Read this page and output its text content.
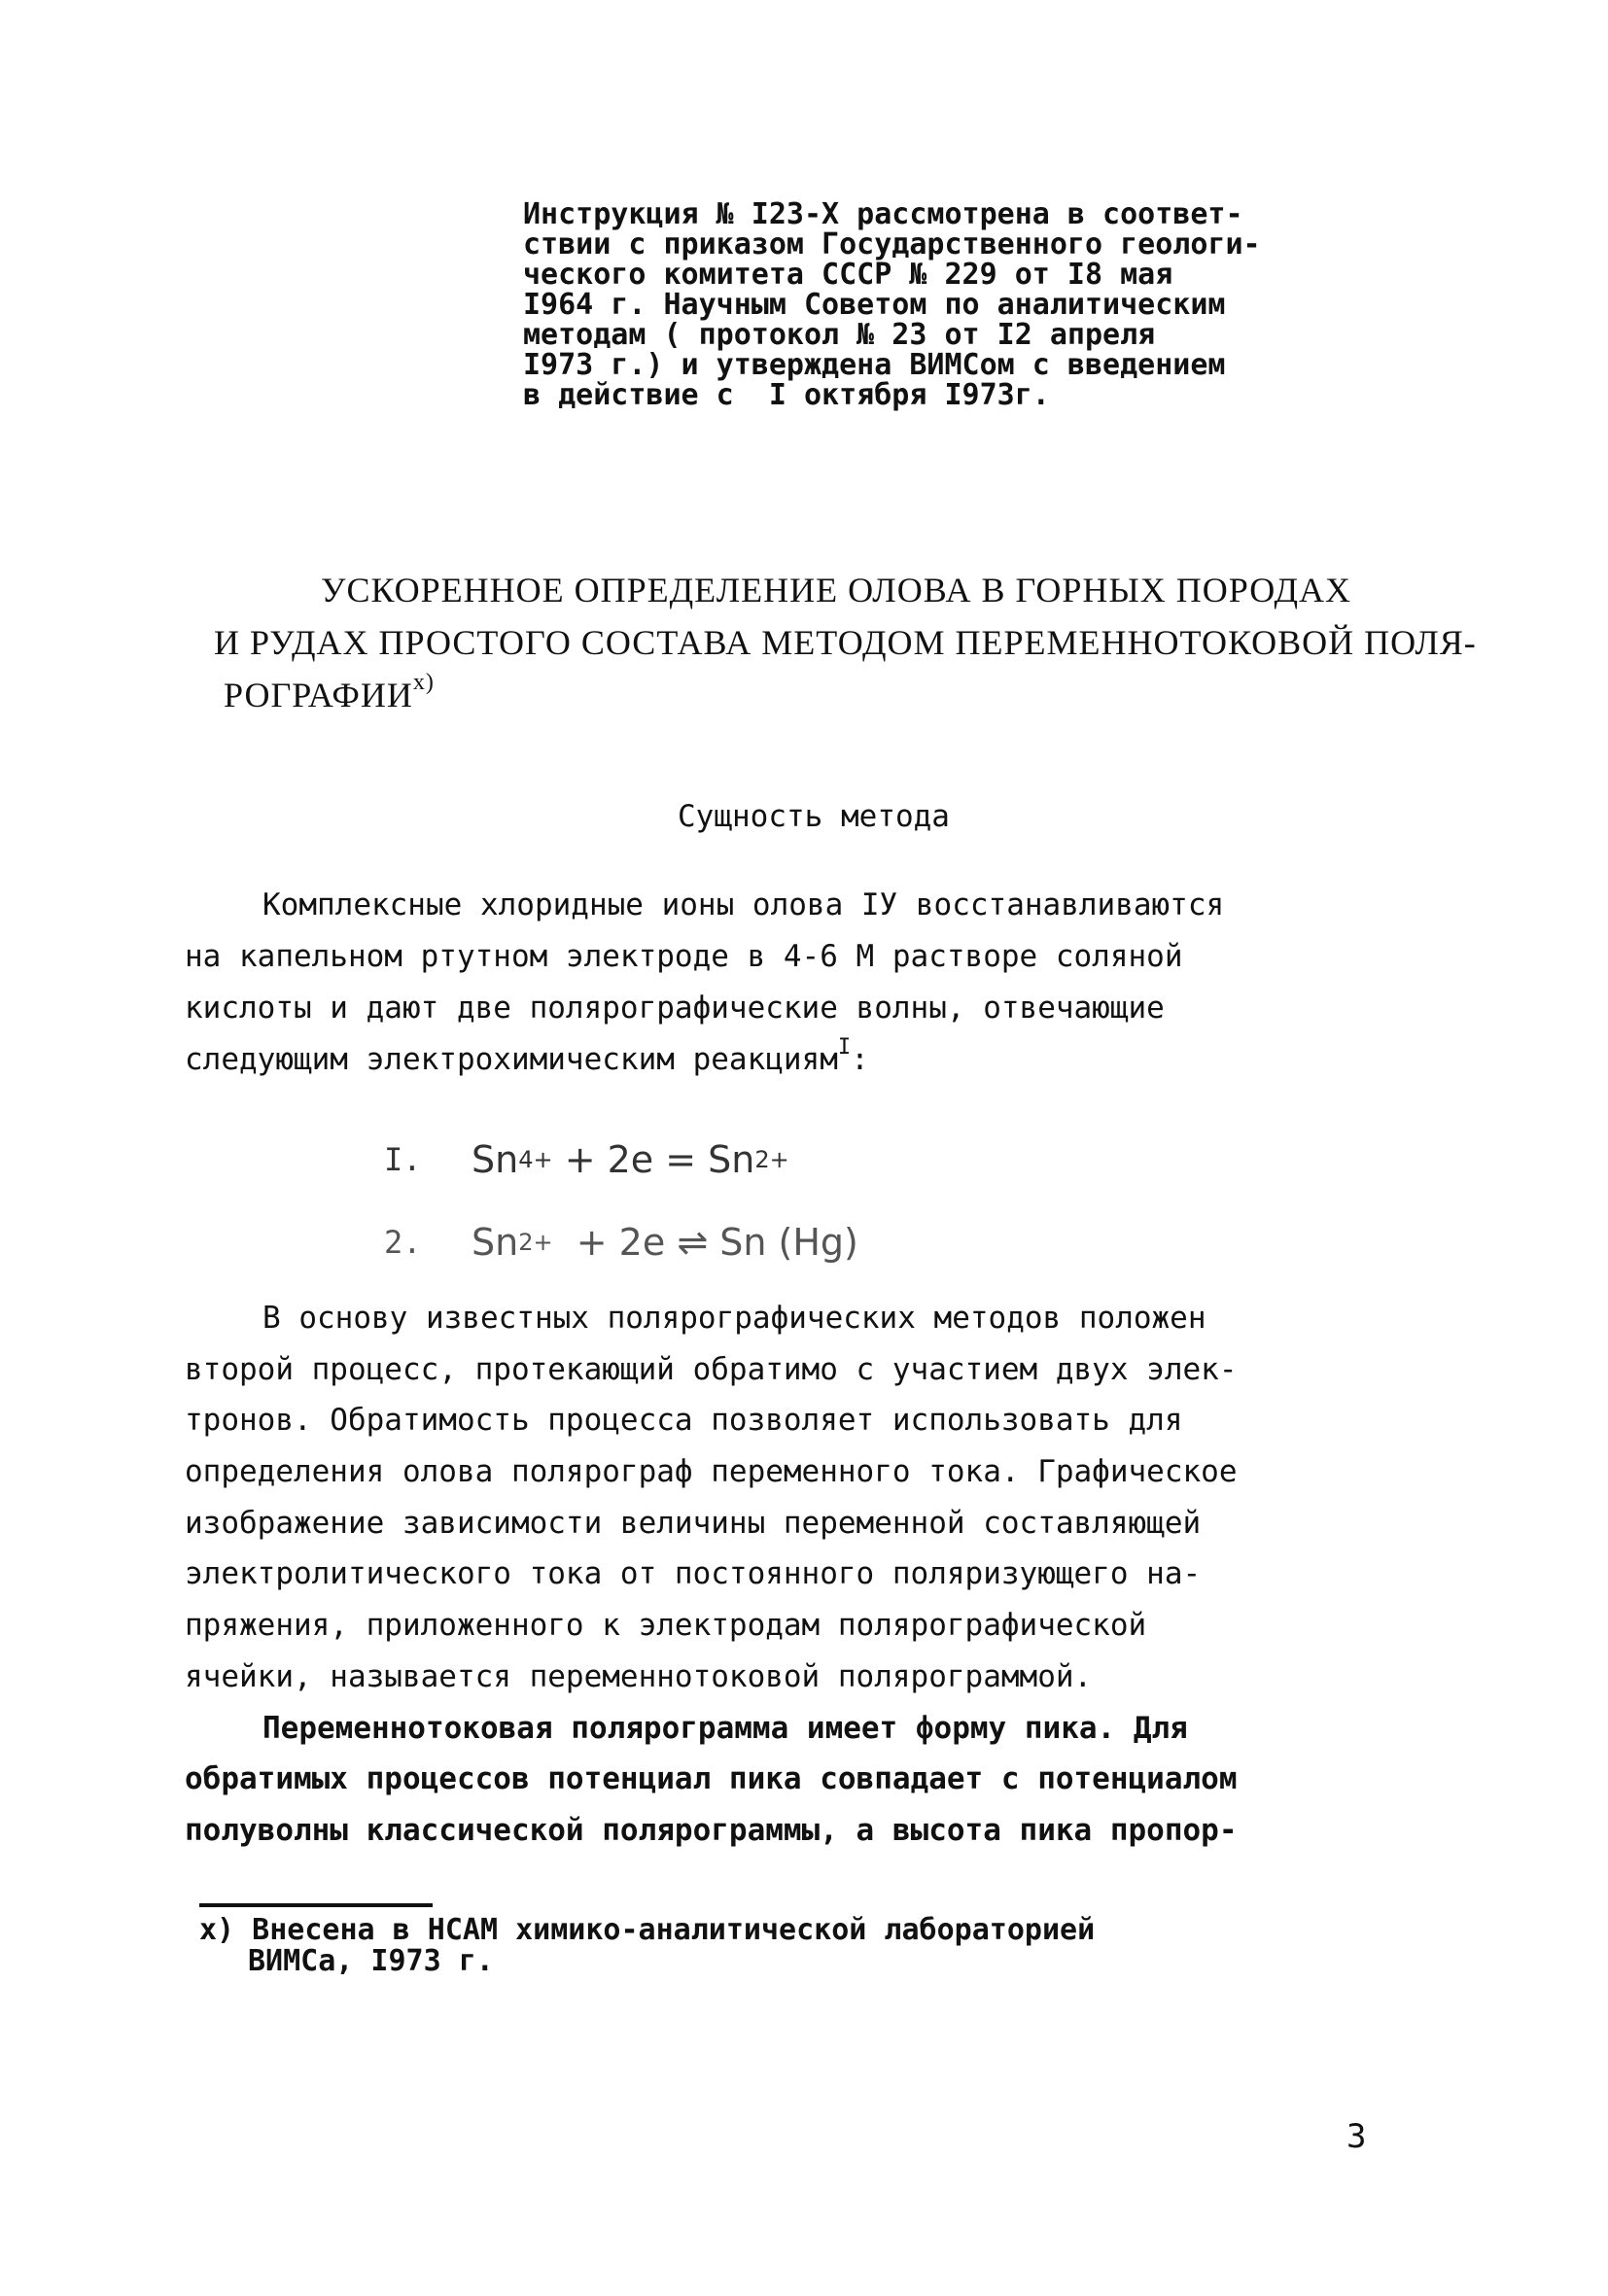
Инструкция № I23-X рассмотрена в соответ-
ствии с приказом Государственного геологи-
ческого комитета СССР № 229 от I8 мая
I964 г. Научным Советом по аналитическим
методам ( протокол № 23 от I2 апреля
I973 г.) и утверждена ВИМСом с введением
в действие с  I октября I973г.
УСКОРЕННОЕ ОПРЕДЕЛЕНИЕ ОЛОВА В ГОРНЫХ ПОРОДАХ
И РУДАХ ПРОСТОГО СОСТАВА МЕТОДОМ ПЕРЕМЕННОТОКОВОЙ ПОЛЯ-
РОГРАФИИ$^{x)}$
Сущность метода
Комплексные хлоридные ионы олова IУ восстанавливаются
на капельном ртутном электроде в 4-6 М растворе соляной
кислоты и дают две полярографические волны, отвечающие
следующим электрохимическим реакциям$^I$:
I.	Sn 4+ + 2e = Sn 2+
2.	Sn 2+ + 2e ⇌ Sn (Hg)
В основу известных полярографических методов положен
второй процесс, протекающий обратимо с участием двух элек-
тронов. Обратимость процесса позволяет использовать для
определения олова полярограф переменного тока. Графическое
изображение зависимости величины переменной составляющей
электролитического тока от постоянного поляризующего на-
пряжения, приложенного к электродам полярографической
ячейки, называется переменнотоковой полярограммой.
Переменнотоковая полярограмма имеет форму пика. Для
обратимых процессов потенциал пика совпадает с потенциалом
полуволны классической полярограммы, а высота пика пропор-
х) Внесена в НСАМ химико-аналитической лабораторией
ВИМСа, I973 г.
3
